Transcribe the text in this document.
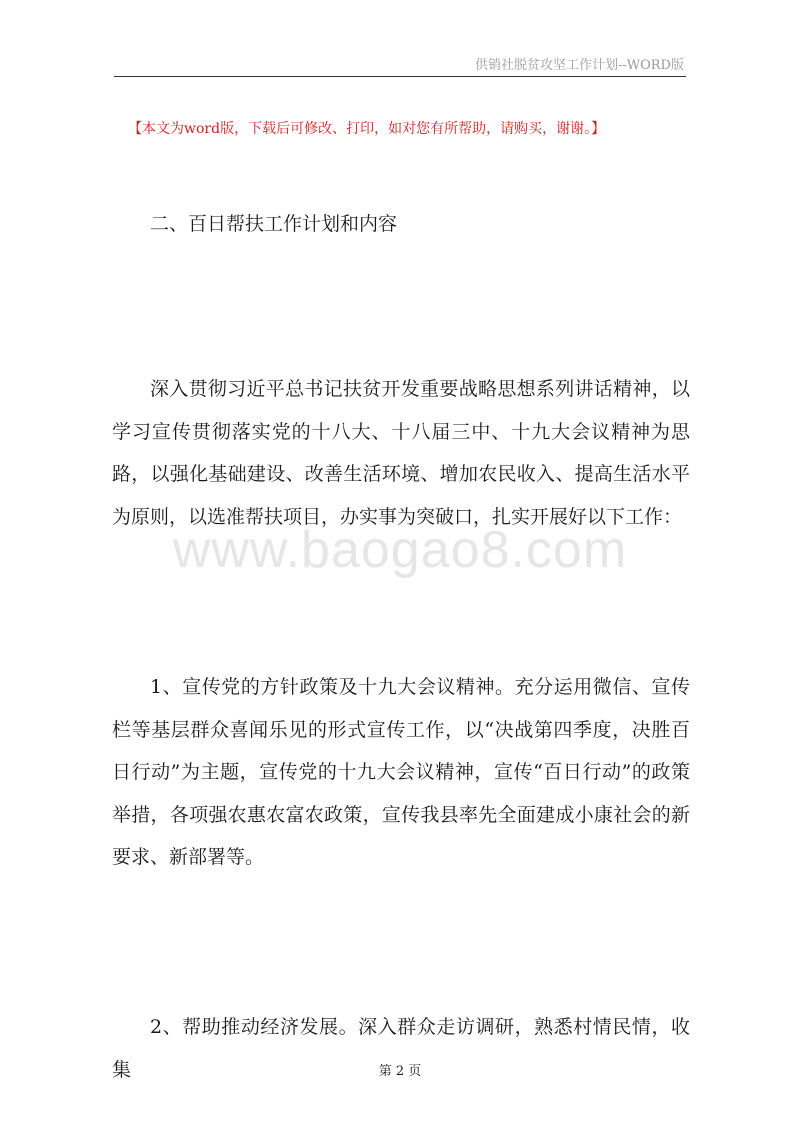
供销社脱贫攻坚工作计划--WORD版
【本文为word版，下载后可修改、打印，如对您有所帮助，请购买，谢谢。】
二、百日帮扶工作计划和内容

深入贯彻习近平总书记扶贫开发重要战略思想系列讲话精神，以学习宣传贯彻落实党的十八大、十八届三中、十九大会议精神为思路，以强化基础建设、改善生活环境、增加农民收入、提高生活水平为原则，以选准帮扶项目，办实事为突破口，扎实开展好以下工作：

www.baogao8.com

1、宣传党的方针政策及十九大会议精神。充分运用微信、宣传栏等基层群众喜闻乐见的形式宣传工作，以“决战第四季度，决胜百日行动”为主题，宣传党的十九大会议精神，宣传“百日行动”的政策举措，各项强农惠农富农政策，宣传我县率先全面建成小康社会的新要求、新部署等。

2、帮助推动经济发展。深入群众走访调研，熟悉村情民情，收集	第 2 页
